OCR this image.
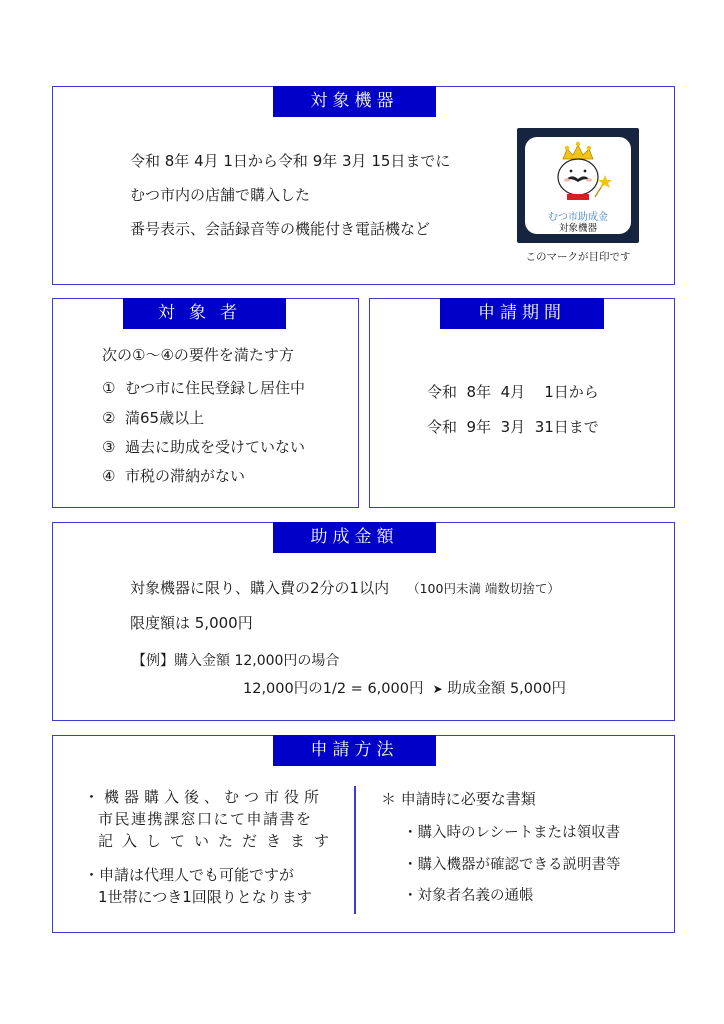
対象機器
令和 8年 4月 1日から令和 9年 3月 15日までに
むつ市内の店舗で購入した
番号表示、会話録音等の機能付き電話機など
むつ市助成金
対象機器
このマークが目印です
対象者
次の①～④の要件を満たす方
① むつ市に住民登録し居住中
② 満65歳以上
③ 過去に助成を受けていない
④ 市税の滞納がない
申請期間
令和  8年  4月    1日から
令和  9年  3月  31日まで
助成金額
対象機器に限り、購入費の2分の1以内 （100円未満 端数切捨て）
限度額は 5,000円
【例】購入金額 12,000円の場合
12,000円の1/2 = 6,000円 ➤ 助成金額 5,000円
申請方法
・機器購入後、むつ市役所
市民連携課窓口にて申請書を
記入していただきます
・申請は代理人でも可能ですが
1世帯につき1回限りとなります
＊ 申請時に必要な書類
・購入時のレシートまたは領収書
・購入機器が確認できる説明書等
・対象者名義の通帳
